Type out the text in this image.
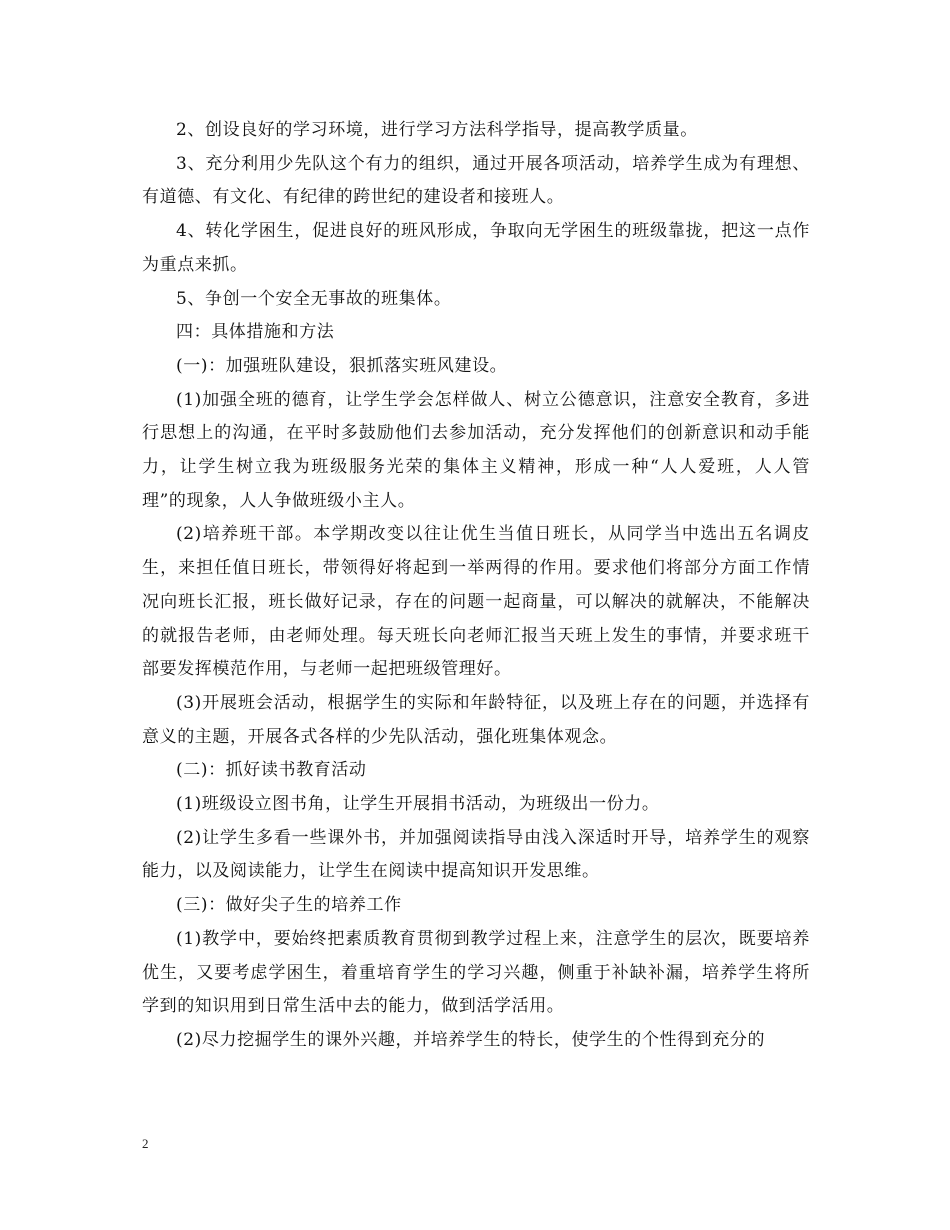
2、创设良好的学习环境，进行学习方法科学指导，提高教学质量。

3、充分利用少先队这个有力的组织，通过开展各项活动，培养学生成为有理想、有道德、有文化、有纪律的跨世纪的建设者和接班人。

4、转化学困生，促进良好的班风形成，争取向无学困生的班级靠拢，把这一点作为重点来抓。

5、争创一个安全无事故的班集体。

四：具体措施和方法

(一)：加强班队建设，狠抓落实班风建设。

(1)加强全班的德育，让学生学会怎样做人、树立公德意识，注意安全教育，多进行思想上的沟通，在平时多鼓励他们去参加活动，充分发挥他们的创新意识和动手能力，让学生树立我为班级服务光荣的集体主义精神，形成一种“人人爱班，人人管理”的现象，人人争做班级小主人。

(2)培养班干部。本学期改变以往让优生当值日班长，从同学当中选出五名调皮生，来担任值日班长，带领得好将起到一举两得的作用。要求他们将部分方面工作情况向班长汇报，班长做好记录，存在的问题一起商量，可以解决的就解决，不能解决的就报告老师，由老师处理。每天班长向老师汇报当天班上发生的事情，并要求班干部要发挥模范作用，与老师一起把班级管理好。

(3)开展班会活动，根据学生的实际和年龄特征，以及班上存在的问题，并选择有意义的主题，开展各式各样的少先队活动，强化班集体观念。

(二)：抓好读书教育活动

(1)班级设立图书角，让学生开展捐书活动，为班级出一份力。

(2)让学生多看一些课外书，并加强阅读指导由浅入深适时开导，培养学生的观察能力，以及阅读能力，让学生在阅读中提高知识开发思维。

(三)：做好尖子生的培养工作

(1)教学中，要始终把素质教育贯彻到教学过程上来，注意学生的层次，既要培养优生，又要考虑学困生，着重培育学生的学习兴趣，侧重于补缺补漏，培养学生将所学到的知识用到日常生活中去的能力，做到活学活用。

(2)尽力挖掘学生的课外兴趣，并培养学生的特长，使学生的个性得到充分的

2
